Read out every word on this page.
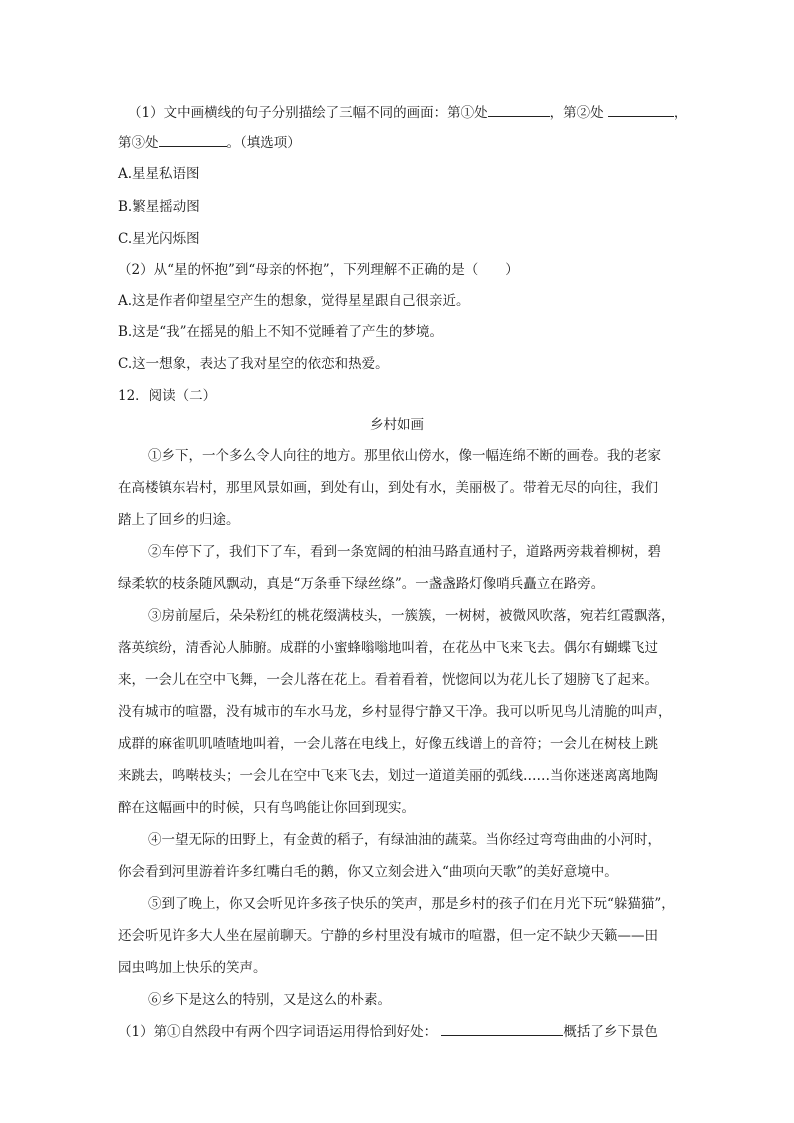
（1）文中画横线的句子分别描绘了三幅不同的画面：第①处	，第②处	，
第③处	。（填选项）
A.星星私语图
B.繁星摇动图
C.星光闪烁图
（2）从“星的怀抱”到“母亲的怀抱”，下列理解不正确的是（　　）
A.这是作者仰望星空产生的想象，觉得星星跟自己很亲近。
B.这是“我”在摇晃的船上不知不觉睡着了产生的梦境。
C.这一想象，表达了我对星空的依恋和热爱。
12．阅读（二）
乡村如画
①乡下，一个多么令人向往的地方。那里依山傍水，像一幅连绵不断的画卷。我的老家
在高楼镇东岩村，那里风景如画，到处有山，到处有水，美丽极了。带着无尽的向往，我们
踏上了回乡的归途。
②车停下了，我们下了车，看到一条宽阔的柏油马路直通村子，道路两旁栽着柳树，碧
绿柔软的枝条随风飘动，真是“万条垂下绿丝绦”。一盏盏路灯像哨兵矗立在路旁。
③房前屋后，朵朵粉红的桃花缀满枝头，一簇簇，一树树，被微风吹落，宛若红霞飘落，
落英缤纷，清香沁人肺腑。成群的小蜜蜂嗡嗡地叫着，在花丛中飞来飞去。偶尔有蝴蝶飞过
来，一会儿在空中飞舞，一会儿落在花上。看着看着，恍惚间以为花儿长了翅膀飞了起来。
没有城市的喧嚣，没有城市的车水马龙，乡村显得宁静又干净。我可以听见鸟儿清脆的叫声，
成群的麻雀叽叽喳喳地叫着，一会儿落在电线上，好像五线谱上的音符；一会儿在树枝上跳
来跳去，鸣啭枝头；一会儿在空中飞来飞去，划过一道道美丽的弧线……当你迷迷离离地陶
醉在这幅画中的时候，只有鸟鸣能让你回到现实。
④一望无际的田野上，有金黄的稻子，有绿油油的蔬菜。当你经过弯弯曲曲的小河时，
你会看到河里游着许多红嘴白毛的鹅，你又立刻会进入“曲项向天歌”的美好意境中。
⑤到了晚上，你又会听见许多孩子快乐的笑声，那是乡村的孩子们在月光下玩“躲猫猫”，
还会听见许多大人坐在屋前聊天。宁静的乡村里没有城市的喧嚣，但一定不缺少天籁——田
园虫鸣加上快乐的笑声。
⑥乡下是这么的特别，又是这么的朴素。
（1）第①自然段中有两个四字词语运用得恰到好处：	概括了乡下景色
